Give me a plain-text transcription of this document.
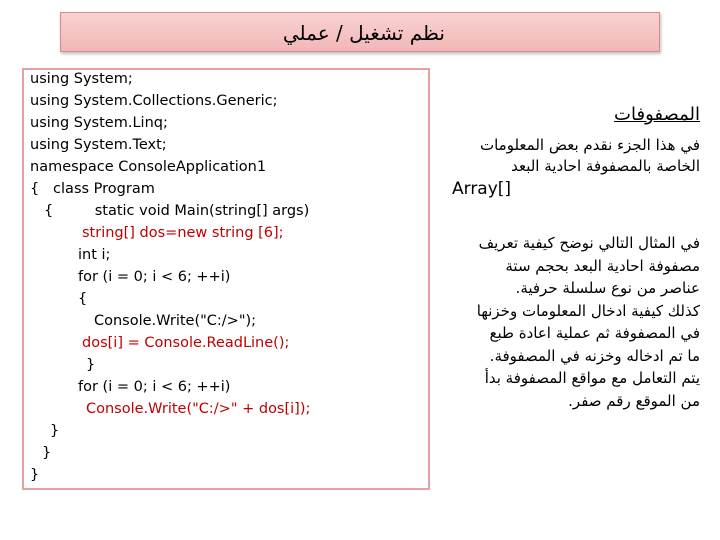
نظم تشغيل / عملي
using System;
using System.Collections.Generic;
using System.Linq;
using System.Text;
namespace ConsoleApplication1
{   class Program
{         static void Main(string[] args)
string[] dos=new string [6];
int i;
for (i = 0; i < 6; ++i)
{
Console.Write("C:/>");
dos[i] = Console.ReadLine();
}
for (i = 0; i < 6; ++i)
Console.Write("C:/>" + dos[i]);
}
}
}
المصفوفات
في هذا الجزء نقدم بعض المعلومات
الخاصة بالمصفوفة احادية البعد
Array[]
في المثال التالي نوضح كيفية تعريف
مصفوفة احادية البعد بحجم ستة
عناصر من نوع سلسلة حرفية.
كذلك كيفية ادخال المعلومات وخزنها
في المصفوفة ثم عملية اعادة طبع
ما تم ادخاله وخزنه في المصفوفة.
يتم التعامل مع مواقع المصفوفة بدأ
من الموقع رقم صفر.
